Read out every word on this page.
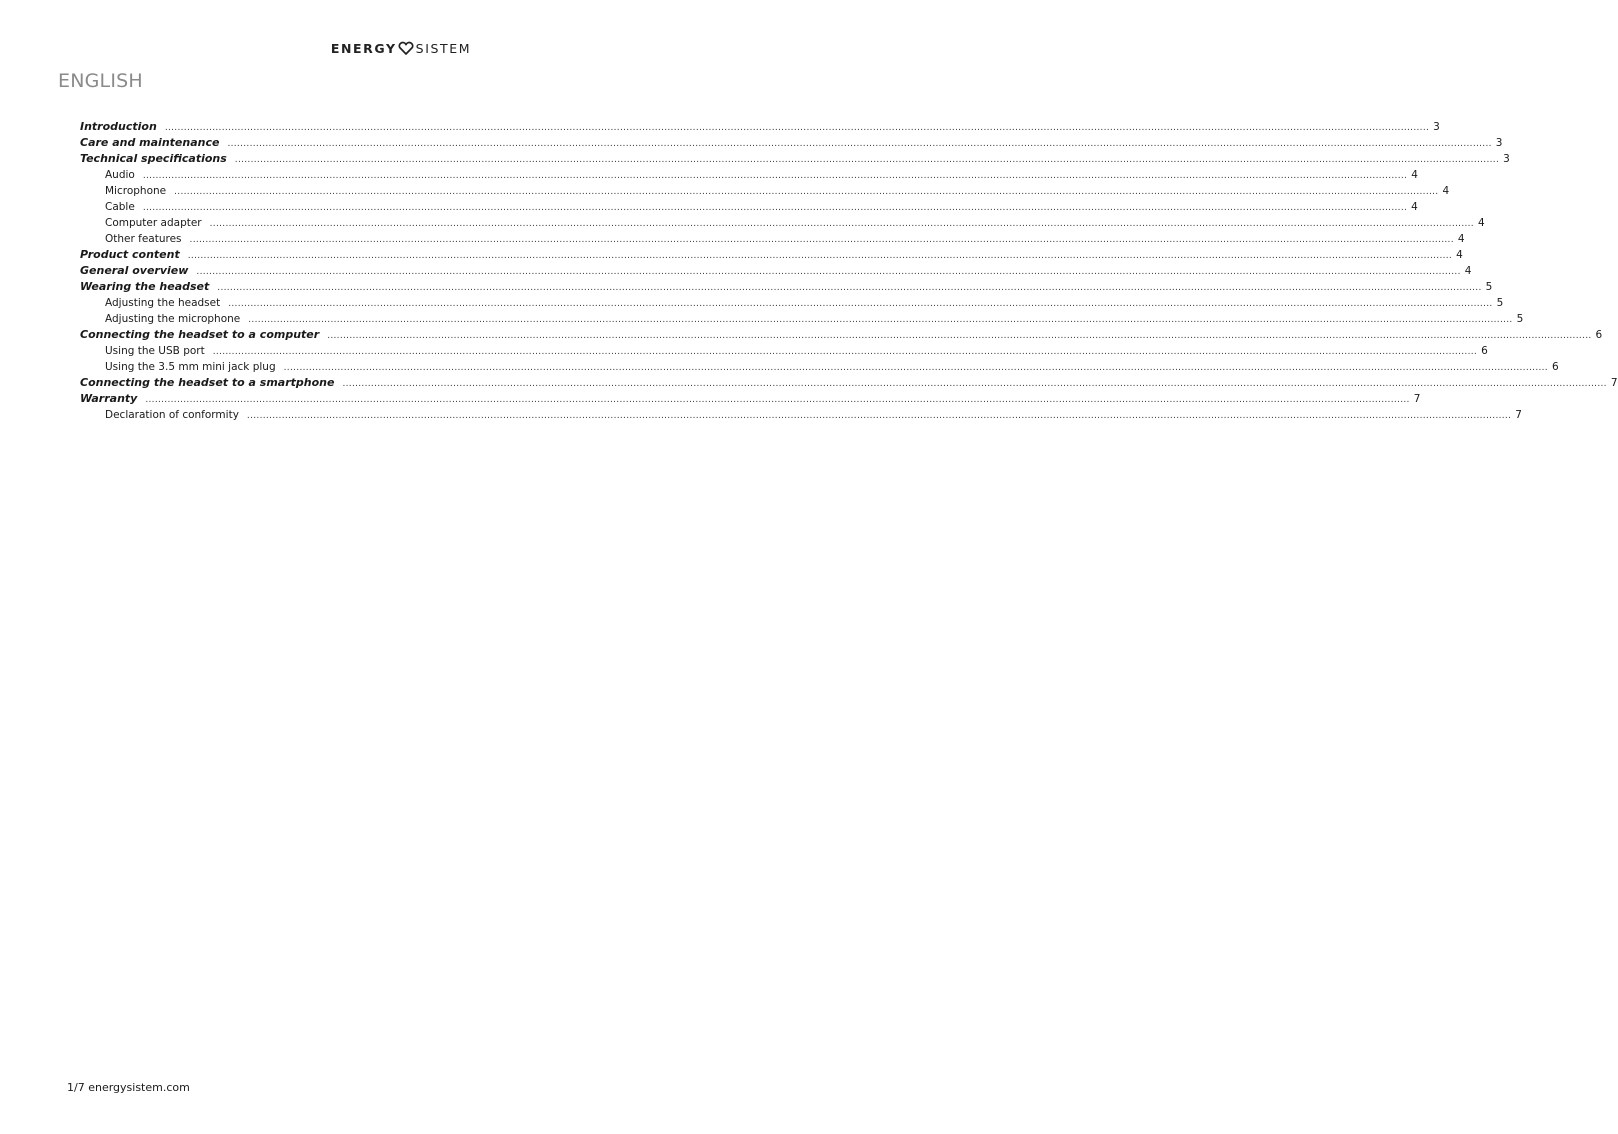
ENERGY SISTEM
ENGLISH
Introduction ................................................................................................................................................................................................................................................................................................................................................................................................................ 3
Care and maintenance ................................................................................................................................................................................................................................................................................................................................................................................................................ 3
Technical specifications ................................................................................................................................................................................................................................................................................................................................................................................................................ 3
Audio ................................................................................................................................................................................................................................................................................................................................................................................................................ 4
Microphone ................................................................................................................................................................................................................................................................................................................................................................................................................ 4
Cable ................................................................................................................................................................................................................................................................................................................................................................................................................ 4
Computer adapter ................................................................................................................................................................................................................................................................................................................................................................................................................ 4
Other features ................................................................................................................................................................................................................................................................................................................................................................................................................ 4
Product content ................................................................................................................................................................................................................................................................................................................................................................................................................ 4
General overview ................................................................................................................................................................................................................................................................................................................................................................................................................ 4
Wearing the headset ................................................................................................................................................................................................................................................................................................................................................................................................................ 5
Adjusting the headset ................................................................................................................................................................................................................................................................................................................................................................................................................ 5
Adjusting the microphone ................................................................................................................................................................................................................................................................................................................................................................................................................ 5
Connecting the headset to a computer ................................................................................................................................................................................................................................................................................................................................................................................................................ 6
Using the USB port ................................................................................................................................................................................................................................................................................................................................................................................................................ 6
Using the 3.5 mm mini jack plug ................................................................................................................................................................................................................................................................................................................................................................................................................ 6
Connecting the headset to a smartphone ................................................................................................................................................................................................................................................................................................................................................................................................................ 7
Warranty ................................................................................................................................................................................................................................................................................................................................................................................................................ 7
Declaration of conformity ................................................................................................................................................................................................................................................................................................................................................................................................................ 7
1/7 energysistem.com
